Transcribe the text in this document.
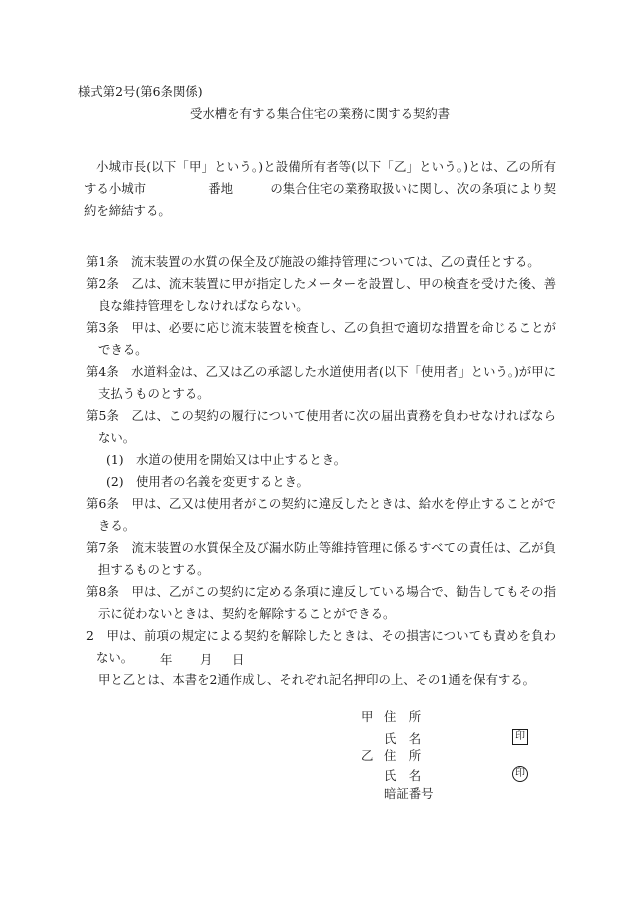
様式第2号(第6条関係)
受水槽を有する集合住宅の業務に関する契約書

小城市長(以下「甲」という。)と設備所有者等(以下「乙」という。)とは、乙の所有する小城市　　　　　番地　　　の集合住宅の業務取扱いに関し、次の条項により契約を締結する。

第1条　流末装置の水質の保全及び施設の維持管理については、乙の責任とする。

第2条　乙は、流末装置に甲が指定したメーターを設置し、甲の検査を受けた後、善良な維持管理をしなければならない。

第3条　甲は、必要に応じ流末装置を検査し、乙の負担で適切な措置を命じることができる。

第4条　水道料金は、乙又は乙の承認した水道使用者(以下「使用者」という。)が甲に支払うものとする。

第5条　乙は、この契約の履行について使用者に次の届出責務を負わせなければならない。

(1)　水道の使用を開始又は中止するとき。

(2)　使用者の名義を変更するとき。

第6条　甲は、乙又は使用者がこの契約に違反したときは、給水を停止することができる。

第7条　流末装置の水質保全及び漏水防止等維持管理に係るすべての責任は、乙が負担するものとする。

第8条　甲は、乙がこの契約に定める条項に違反している場合で、勧告してもその指示に従わないときは、契約を解除することができる。

2　甲は、前項の規定による契約を解除したときは、その損害についても責めを負わない。

甲と乙とは、本書を2通作成し、それぞれ記名押印の上、その1通を保有する。

年 月 日
甲 住　所
氏　名	印
乙 住　所
氏　名	印
暗証番号
